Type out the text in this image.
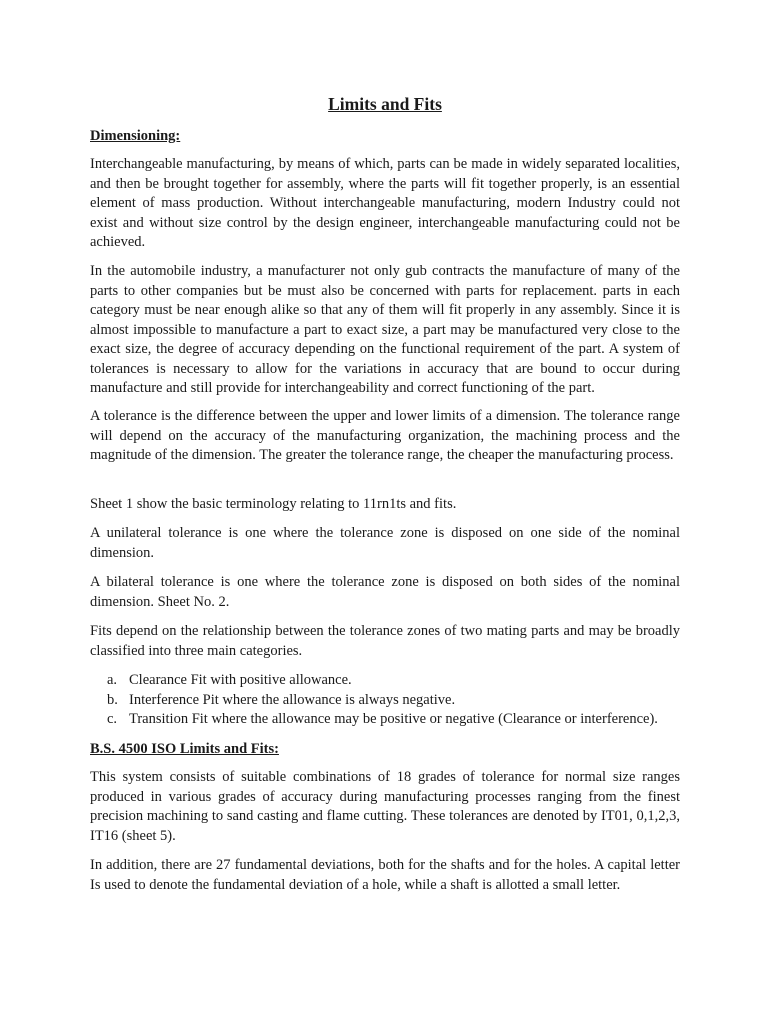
Limits and Fits
Dimensioning:

Interchangeable manufacturing, by means of which, parts can be made in widely separated localities, and then be brought together for assembly, where the parts will fit together properly, is an essential element of mass production. Without interchangeable manufacturing, modern Industry could not exist and without size control by the design engineer, interchangeable manufacturing could not be achieved.

In the automobile industry, a manufacturer not only gub contracts the manufacture of many of the parts to other companies but be must also be concerned with parts for replacement. parts in each category must be near enough alike so that any of them will fit properly in any assembly. Since it is almost impossible to manufacture a part to exact size, a part may be manufactured very close to the exact size, the degree of accuracy depending on the functional requirement of the part. A system of tolerances is necessary to allow for the variations in accuracy that are bound to occur during manufacture and still provide for interchangeability and correct functioning of the part.

A tolerance is the difference between the upper and lower limits of a dimension. The tolerance range will depend on the accuracy of the manufacturing organization, the machining process and the magnitude of the dimension. The greater the tolerance range, the cheaper the manufacturing process.

Sheet 1 show the basic terminology relating to 11rn1ts and fits.

A unilateral tolerance is one where the tolerance zone is disposed on one side of the nominal dimension.

A bilateral tolerance is one where the tolerance zone is disposed on both sides of the nominal dimension. Sheet No. 2.

Fits depend on the relationship between the tolerance zones of two mating parts and may be broadly classified into three main categories.

a. Clearance Fit with positive allowance.
b. Interference Pit where the allowance is always negative.
c. Transition Fit where the allowance may be positive or negative (Clearance or interference).
B.S. 4500 ISO Limits and Fits:

This system consists of suitable combinations of 18 grades of tolerance for normal size ranges produced in various grades of accuracy during manufacturing processes ranging from the finest precision machining to sand casting and flame cutting. These tolerances are denoted by IT01, 0,1,2,3, IT16 (sheet 5).

In addition, there are 27 fundamental deviations, both for the shafts and for the holes. A capital letter Is used to denote the fundamental deviation of a hole, while a shaft is allotted a small letter.
